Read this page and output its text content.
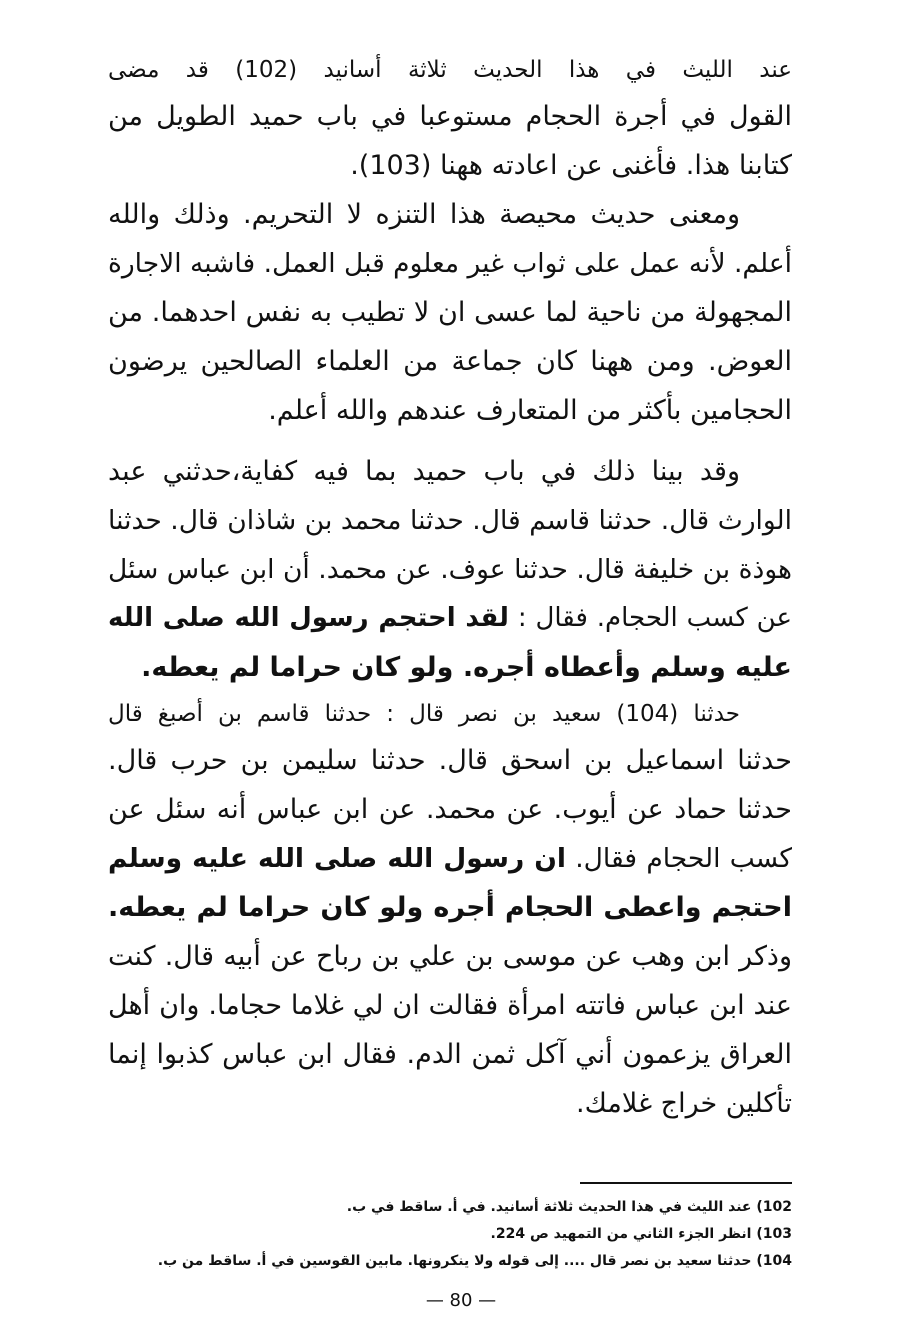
عند الليث في هذا الحديث ثلاثة أسانيد (102) قد مضى

القول في أجرة الحجام مستوعبا في باب حميد الطويل من

كتابنا هذا. فأغنى عن اعادته ههنا (103).

ومعنى حديث محيصة هذا التنزه لا التحريم. وذلك والله

أعلم. لأنه عمل على ثواب غير معلوم قبل العمل. فاشبه الاجارة

المجهولة من ناحية لما عسى ان لا تطيب به نفس احدهما. من

العوض. ومن ههنا كان جماعة من العلماء الصالحين يرضون

الحجامين بأكثر من المتعارف عندهم والله أعلم.

وقد بينا ذلك في باب حميد بما فيه كفاية،حدثني عبد

الوارث قال. حدثنا قاسم قال. حدثنا محمد بن شاذان قال. حدثنا

هوذة بن خليفة قال. حدثنا عوف. عن محمد. أن ابن عباس سئل

عن كسب الحجام. فقال : لقد احتجم رسول الله صلى الله

عليه وسلم وأعطاه أجره. ولو كان حراما لم يعطه.

حدثنا (104) سعيد بن نصر قال : حدثنا قاسم بن أصبغ قال

حدثنا اسماعيل بن اسحق قال. حدثنا سليمن بن حرب قال.

حدثنا حماد عن أيوب. عن محمد. عن ابن عباس أنه سئل عن

كسب الحجام فقال. ان رسول الله صلى الله عليه وسلم

احتجم واعطى الحجام أجره ولو كان حراما لم يعطه.

وذكر ابن وهب عن موسى بن علي بن رباح عن أبيه قال. كنت

عند ابن عباس فاتته امرأة فقالت ان لي غلاما حجاما. وان أهل

العراق يزعمون أني آكل ثمن الدم. فقال ابن عباس كذبوا إنما

تأكلين خراج غلامك.

102) عند الليث في هذا الحديث ثلاثة أسانيد. في أ. ساقط في ب.
103) انظر الجزء الثاني من التمهيد ص 224.
104) حدثنا سعيد بن نصر قال .... إلى قوله ولا ينكرونها. مابين القوسين في أ. ساقط من ب.
— 80 —
